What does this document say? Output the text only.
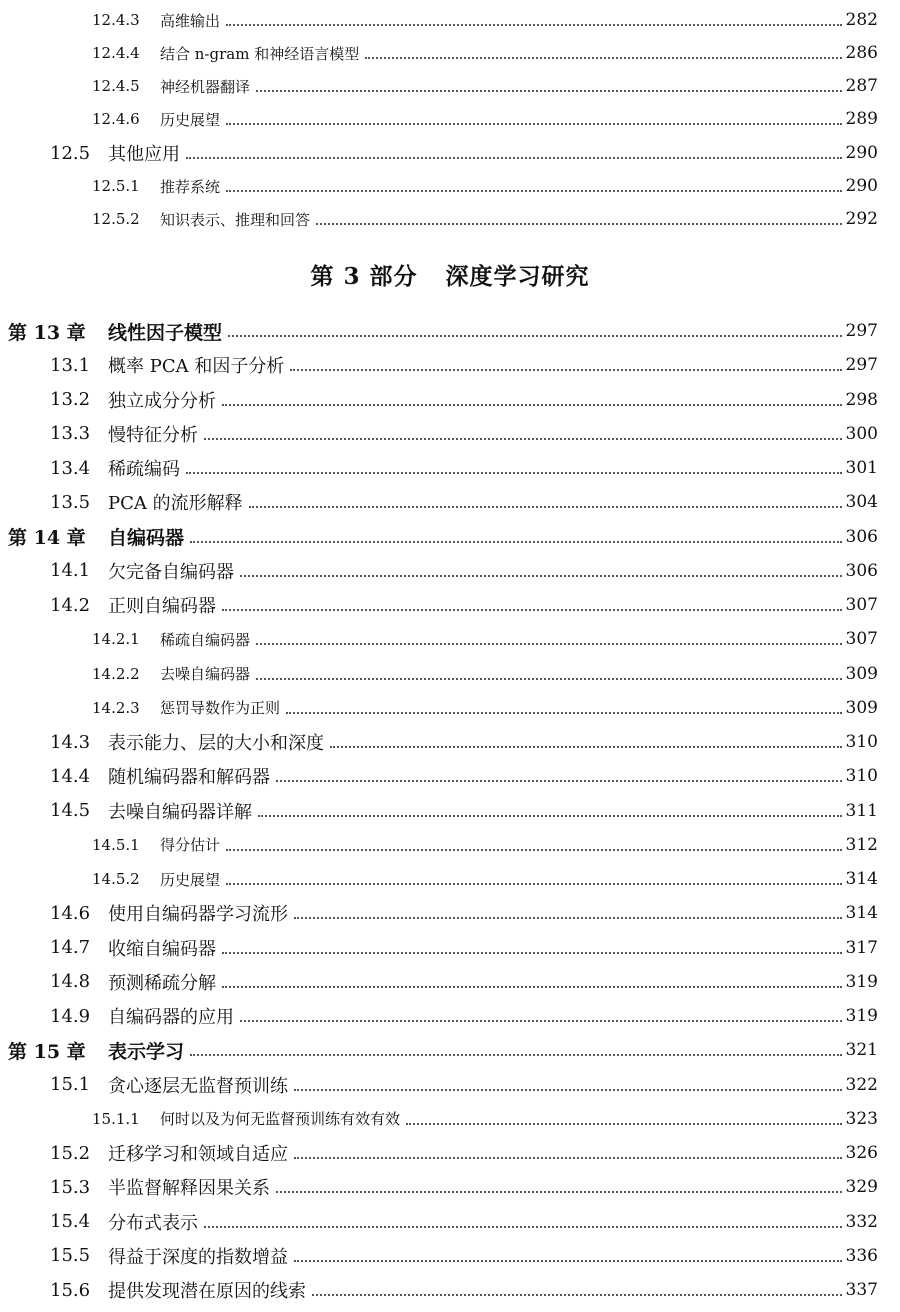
12.4.3	高维输出	282
12.4.4	结合 n-gram 和神经语言模型	286
12.4.5	神经机器翻译	287
12.4.6	历史展望	289
12.5 其他应用	290
12.5.1	推荐系统	290
12.5.2	知识表示、推理和回答	292
第 13 章	线性因子模型	297
13.1 概率 PCA 和因子分析	297
13.2 独立成分分析	298
13.3 慢特征分析	300
13.4 稀疏编码	301
13.5 PCA 的流形解释	304
第 14 章	自编码器	306
14.1 欠完备自编码器	306
14.2 正则自编码器	307
14.2.1	稀疏自编码器	307
14.2.2	去噪自编码器	309
14.2.3	惩罚导数作为正则	309
14.3 表示能力、层的大小和深度	310
14.4 随机编码器和解码器	310
14.5 去噪自编码器详解	311
14.5.1	得分估计	312
14.5.2	历史展望	314
14.6 使用自编码器学习流形	314
14.7 收缩自编码器	317
14.8 预测稀疏分解	319
14.9 自编码器的应用	319
第 15 章	表示学习	321
15.1 贪心逐层无监督预训练	322
15.1.1	何时以及为何无监督预训练有效有效	323
15.2 迁移学习和领域自适应	326
15.3 半监督解释因果关系	329
15.4 分布式表示	332
15.5 得益于深度的指数增益	336
15.6 提供发现潜在原因的线索	337
第 3 部分 深度学习研究
